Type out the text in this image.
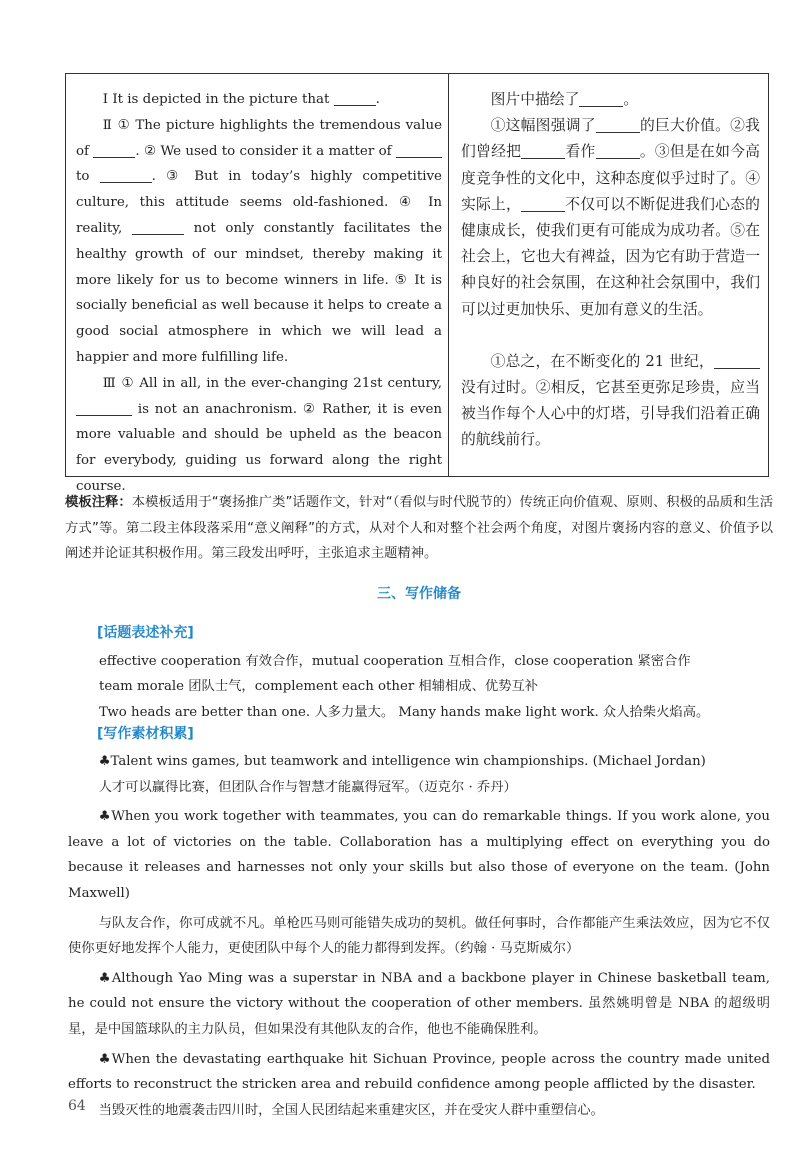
Ⅰ It is depicted in the picture that	.

Ⅱ ① The picture highlights the tremendous value of	. ② We used to consider it a matter of  to	. ③ But in today’s highly competitive culture, this attitude seems old-fashioned. ④ In reality,	not only constantly facilitates the healthy growth of our mindset, thereby making it more likely for us to become winners in life. ⑤ It is socially beneficial as well because it helps to create a good social atmosphere in which we will lead a happier and more fulfilling life.

Ⅲ ① All in all, in the ever-changing 21st century,  is not an anachronism. ② Rather, it is even more valuable and should be upheld as the beacon for everybody, guiding us forward along the right course.

图片中描绘了	。

①这幅图强调了	的巨大价值。②我们曾经把	看作	。③但是在如今高度竞争性的文化中，这种态度似乎过时了。④实际上，	不仅可以不断促进我们心态的健康成长，使我们更有可能成为成功者。⑤在社会上，它也大有裨益，因为它有助于营造一种良好的社会氛围，在这种社会氛围中，我们可以过更加快乐、更加有意义的生活。

①总之，在不断变化的 21 世纪，没有过时。②相反，它甚至更弥足珍贵，应当被当作每个人心中的灯塔，引导我们沿着正确的航线前行。

模板注释：本模板适用于“褒扬推广类”话题作文，针对“（看似与时代脱节的）传统正向价值观、原则、积极的品质和生活方式”等。第二段主体段落采用“意义阐释”的方式，从对个人和对整个社会两个角度，对图片褒扬内容的意义、价值予以阐述并论证其积极作用。第三段发出呼吁，主张追求主题精神。
三、写作储备
[话题表述补充]
effective cooperation 有效合作，mutual cooperation 互相合作，close cooperation 紧密合作
team morale 团队士气，complement each other 相辅相成、优势互补
Two heads are better than one. 人多力量大。 Many hands make light work. 众人拾柴火焰高。
[写作素材积累]

♣Talent wins games, but teamwork and intelligence win championships. (Michael Jordan)

人才可以赢得比赛，但团队合作与智慧才能赢得冠军。（迈克尔 · 乔丹）

♣When you work together with teammates, you can do remarkable things. If you work alone, you leave a lot of victories on the table. Collaboration has a multiplying effect on everything you do because it releases and harnesses not only your skills but also those of everyone on the team. (John Maxwell)

与队友合作，你可成就不凡。单枪匹马则可能错失成功的契机。做任何事时，合作都能产生乘法效应，因为它不仅使你更好地发挥个人能力，更使团队中每个人的能力都得到发挥。（约翰 · 马克斯威尔）

♣Although Yao Ming was a superstar in NBA and a backbone player in Chinese basketball team, he could not ensure the victory without the cooperation of other members. 虽然姚明曾是 NBA 的超级明星，是中国篮球队的主力队员，但如果没有其他队友的合作，他也不能确保胜利。

♣When the devastating earthquake hit Sichuan Province, people across the country made united efforts to reconstruct the stricken area and rebuild confidence among people afflicted by the disaster.

当毁灭性的地震袭击四川时，全国人民团结起来重建灾区，并在受灾人群中重塑信心。

64
